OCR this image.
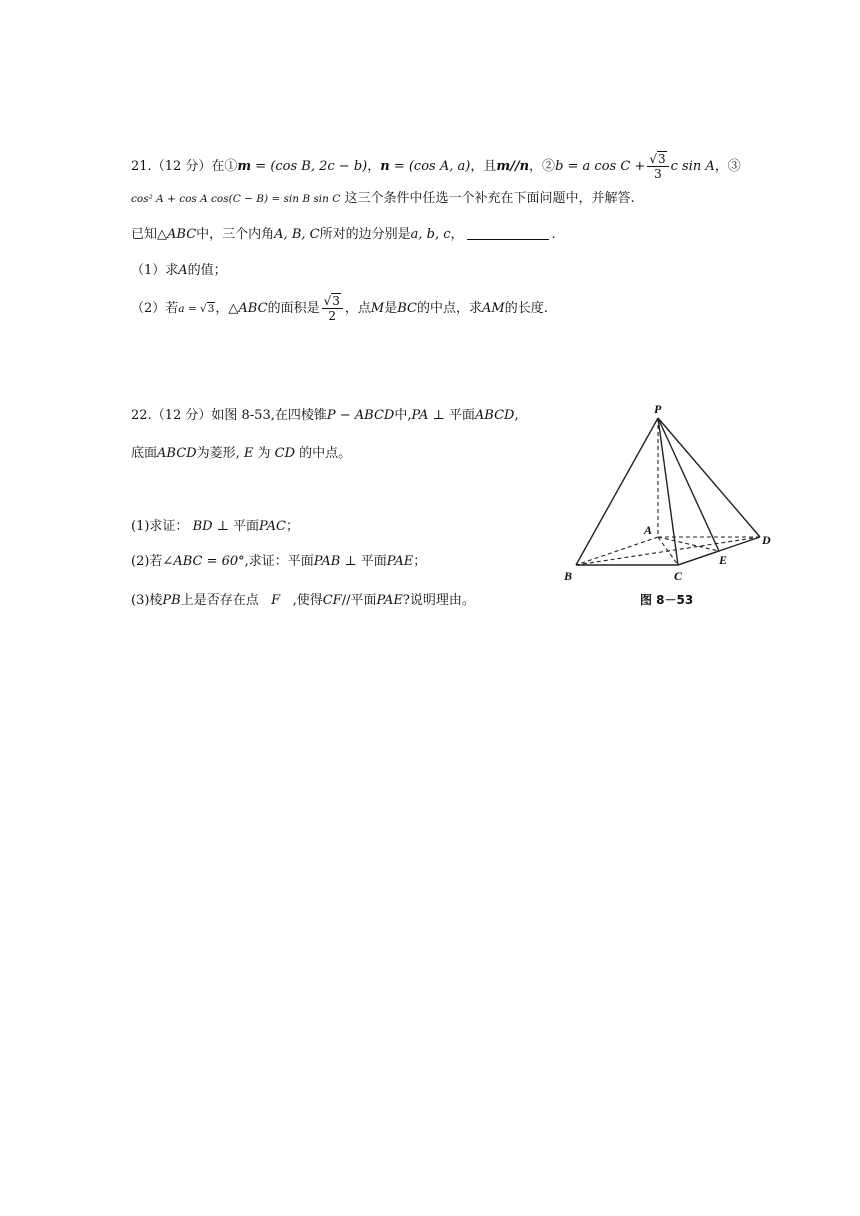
21.（12 分）在①m = (cos B, 2c − b)，n = (cos A, a)，且m//n，②b = a $\cos C + \frac{√3}{3}$ c sin A，③
cos² A + cos A cos(C − B) = sin B sin C 这三个条件中任选一个补充在下面问题中，并解答.
已知△ABC中，三个内角A, B, C所对的边分别是a, b, c，	.
（1）求A的值；
（2）若a = √3，△ABC的面积是 $\frac{√3}{2}$ ，点M是BC的中点，求AM的长度.
22.（12 分）如图 8-53,在四棱锥P − ABCD中,PA ⊥ 平面ABCD,
底面ABCD为菱形, E 为 CD 的中点。
(1)求证： BD ⊥ 平面PAC；
(2)若∠ABC = 60°,求证：平面PAB ⊥ 平面PAE；
(3)棱PB上是否存在点 F ,使得CF//平面PAE?说明理由。
P
A
B	C
D
E
图 8－53
